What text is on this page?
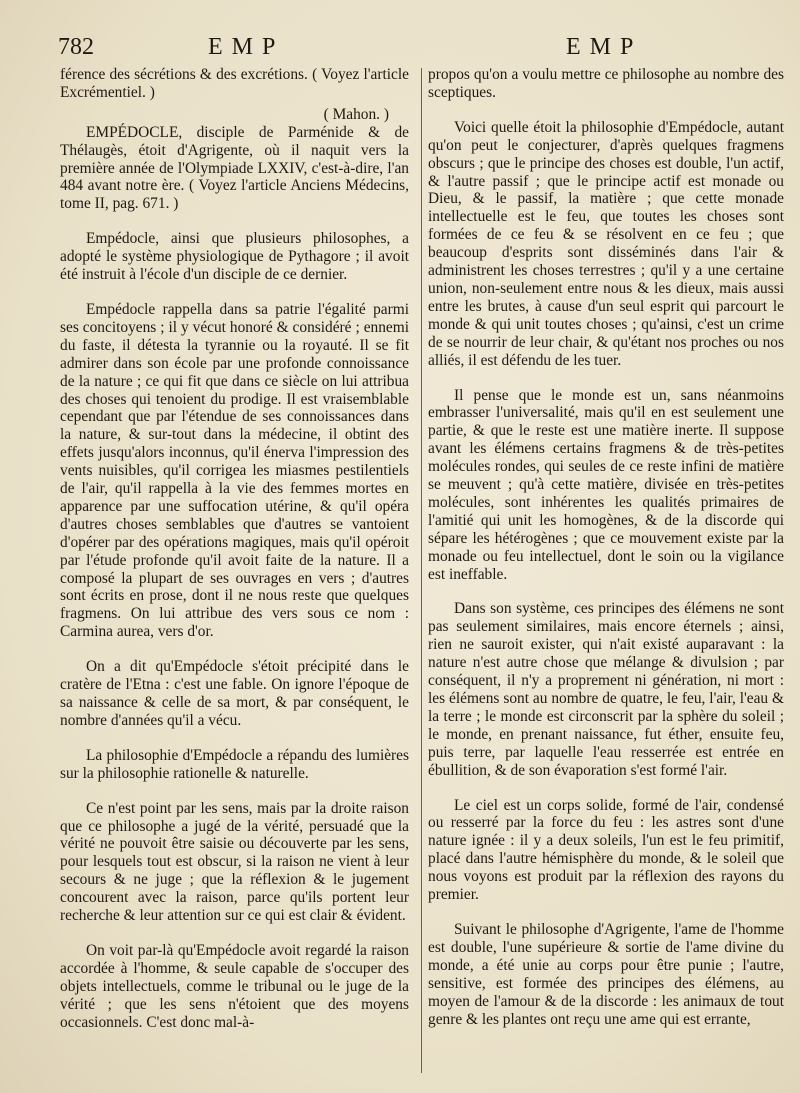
782	EMP	EMP

férence des sécrétions & des excrétions. ( Voyez l'article Excrémentiel. )

( Mahon. )

EMPÉDOCLE, disciple de Parménide & de Thélaugès, étoit d'Agrigente, où il naquit vers la première année de l'Olympiade LXXIV, c'est-à-dire, l'an 484 avant notre ère. ( Voyez l'article Anciens Médecins, tome II, pag. 671. )

Empédocle, ainsi que plusieurs philosophes, a adopté le système physiologique de Pythagore ; il avoit été instruit à l'école d'un disciple de ce dernier.

Empédocle rappella dans sa patrie l'égalité parmi ses concitoyens ; il y vécut honoré & considéré ; ennemi du faste, il détesta la tyrannie ou la royauté. Il se fit admirer dans son école par une profonde connoissance de la nature ; ce qui fit que dans ce siècle on lui attribua des choses qui tenoient du prodige. Il est vraisemblable cependant que par l'étendue de ses connoissances dans la nature, & sur-tout dans la médecine, il obtint des effets jusqu'alors inconnus, qu'il énerva l'impression des vents nuisibles, qu'il corrigea les miasmes pestilentiels de l'air, qu'il rappella à la vie des femmes mortes en apparence par une suffocation utérine, & qu'il opéra d'autres choses semblables que d'autres se vantoient d'opérer par des opérations magiques, mais qu'il opéroit par l'étude profonde qu'il avoit faite de la nature. Il a composé la plupart de ses ouvrages en vers ; d'autres sont écrits en prose, dont il ne nous reste que quelques fragmens. On lui attribue des vers sous ce nom : Carmina aurea, vers d'or.

On a dit qu'Empédocle s'étoit précipité dans le cratère de l'Etna : c'est une fable. On ignore l'époque de sa naissance & celle de sa mort, & par conséquent, le nombre d'années qu'il a vécu.

La philosophie d'Empédocle a répandu des lumières sur la philosophie rationelle & naturelle.

Ce n'est point par les sens, mais par la droite raison que ce philosophe a jugé de la vérité, persuadé que la vérité ne pouvoit être saisie ou découverte par les sens, pour lesquels tout est obscur, si la raison ne vient à leur secours & ne juge ; que la réflexion & le jugement concourent avec la raison, parce qu'ils portent leur recherche & leur attention sur ce qui est clair & évident.

On voit par-là qu'Empédocle avoit regardé la raison accordée à l'homme, & seule capable de s'occuper des objets intellectuels, comme le tribunal ou le juge de la vérité ; que les sens n'étoient que des moyens occasionnels. C'est donc mal-à-

propos qu'on a voulu mettre ce philosophe au nombre des sceptiques.

Voici quelle étoit la philosophie d'Empédocle, autant qu'on peut le conjecturer, d'après quelques fragmens obscurs ; que le principe des choses est double, l'un actif, & l'autre passif ; que le principe actif est monade ou Dieu, & le passif, la matière ; que cette monade intellectuelle est le feu, que toutes les choses sont formées de ce feu & se résolvent en ce feu ; que beaucoup d'esprits sont disséminés dans l'air & administrent les choses terrestres ; qu'il y a une certaine union, non-seulement entre nous & les dieux, mais aussi entre les brutes, à cause d'un seul esprit qui parcourt le monde & qui unit toutes choses ; qu'ainsi, c'est un crime de se nourrir de leur chair, & qu'étant nos proches ou nos alliés, il est défendu de les tuer.

Il pense que le monde est un, sans néanmoins embrasser l'universalité, mais qu'il en est seulement une partie, & que le reste est une matière inerte. Il suppose avant les élémens certains fragmens & de très-petites molécules rondes, qui seules de ce reste infini de matière se meuvent ; qu'à cette matière, divisée en très-petites molécules, sont inhérentes les qualités primaires de l'amitié qui unit les homogènes, & de la discorde qui sépare les hétérogènes ; que ce mouvement existe par la monade ou feu intellectuel, dont le soin ou la vigilance est ineffable.

Dans son système, ces principes des élémens ne sont pas seulement similaires, mais encore éternels ; ainsi, rien ne sauroit exister, qui n'ait existé auparavant : la nature n'est autre chose que mélange & divulsion ; par conséquent, il n'y a proprement ni génération, ni mort : les élémens sont au nombre de quatre, le feu, l'air, l'eau & la terre ; le monde est circonscrit par la sphère du soleil ; le monde, en prenant naissance, fut éther, ensuite feu, puis terre, par laquelle l'eau resserrée est entrée en ébullition, & de son évaporation s'est formé l'air.

Le ciel est un corps solide, formé de l'air, condensé ou resserré par la force du feu : les astres sont d'une nature ignée : il y a deux soleils, l'un est le feu primitif, placé dans l'autre hémisphère du monde, & le soleil que nous voyons est produit par la réflexion des rayons du premier.

Suivant le philosophe d'Agrigente, l'ame de l'homme est double, l'une supérieure & sortie de l'ame divine du monde, a été unie au corps pour être punie ; l'autre, sensitive, est formée des principes des élémens, au moyen de l'amour & de la discorde : les animaux de tout genre & les plantes ont reçu une ame qui est errante,
